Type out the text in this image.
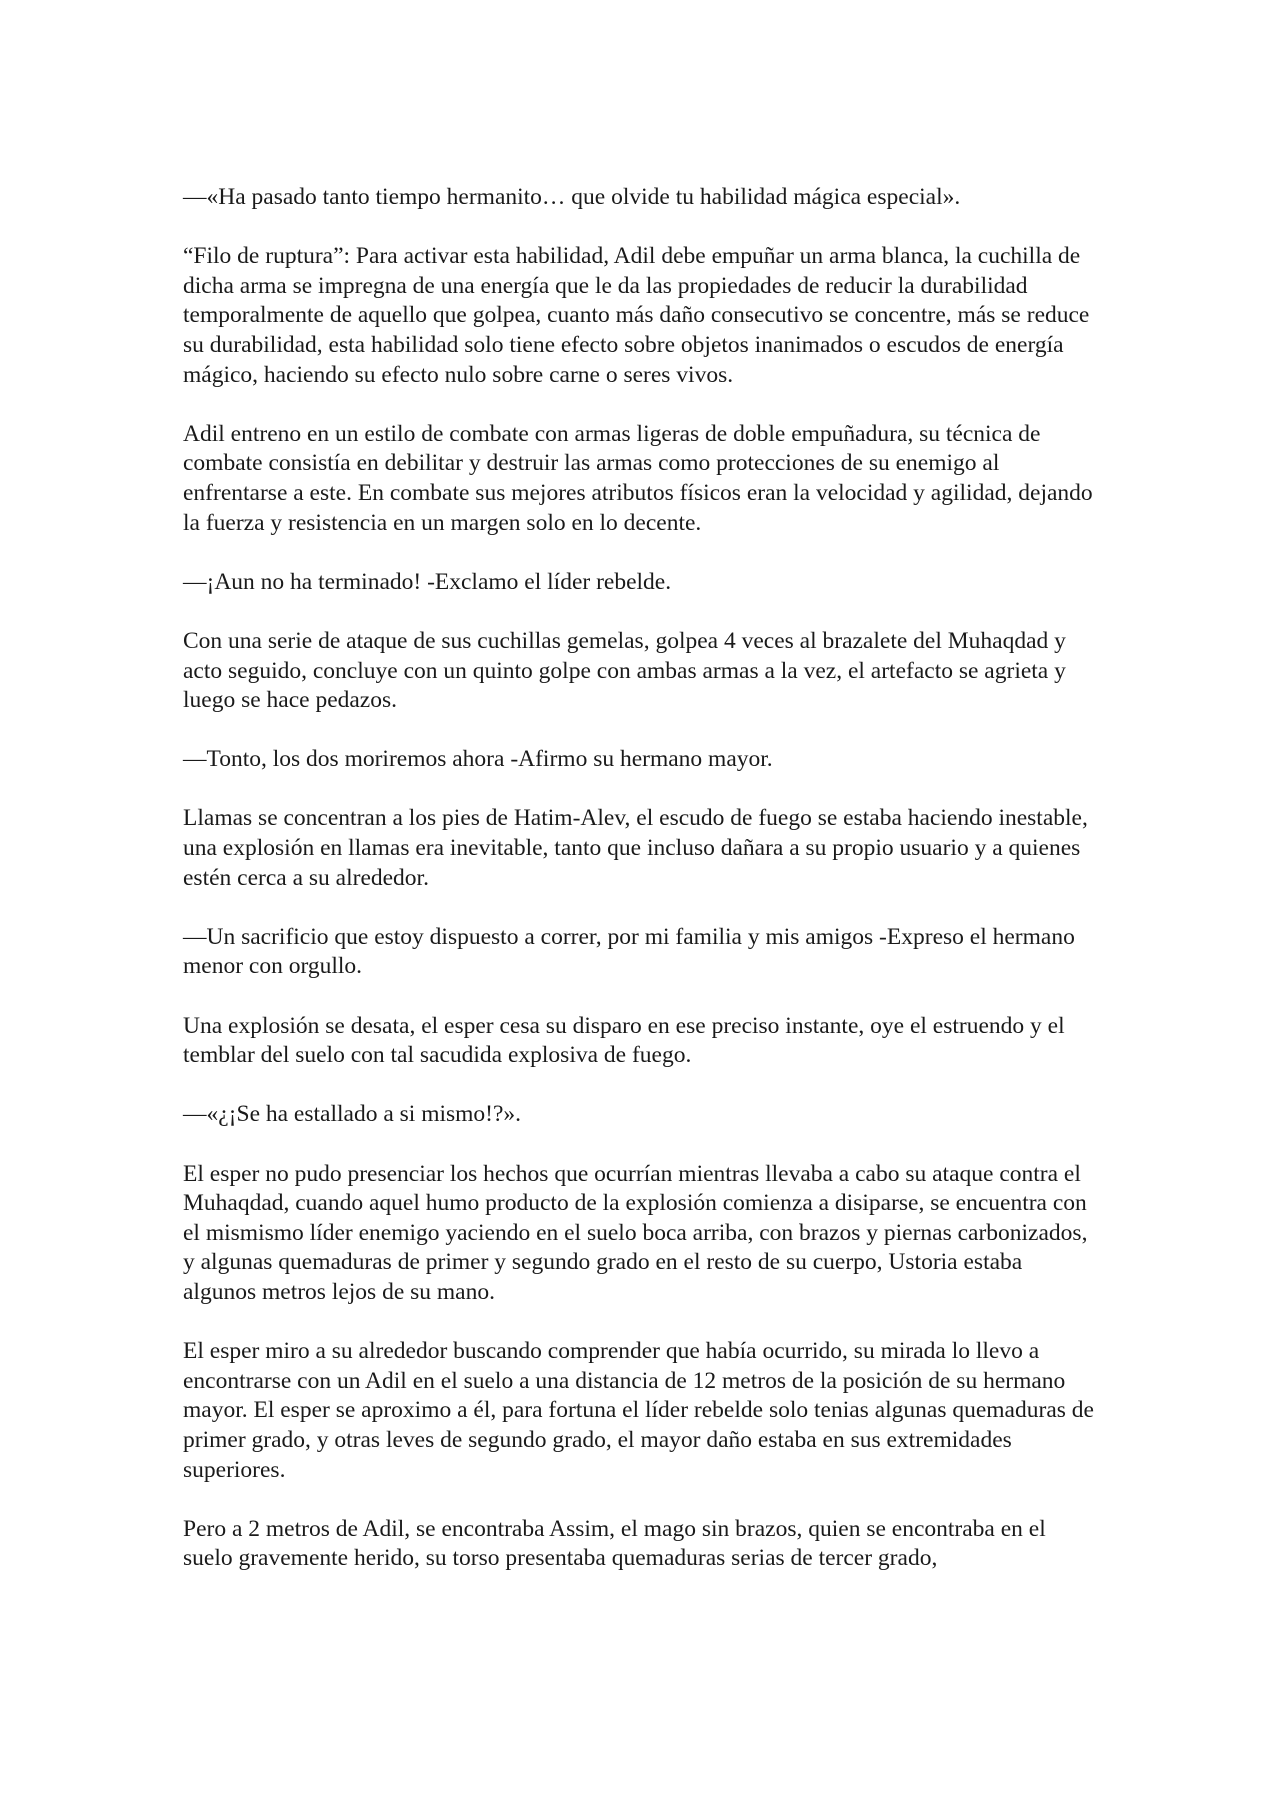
—«Ha pasado tanto tiempo hermanito… que olvide tu habilidad mágica especial».

“Filo de ruptura”: Para activar esta habilidad, Adil debe empuñar un arma blanca, la cuchilla de dicha arma se impregna de una energía que le da las propiedades de reducir la durabilidad temporalmente de aquello que golpea, cuanto más daño consecutivo se concentre, más se reduce su durabilidad, esta habilidad solo tiene efecto sobre objetos inanimados o escudos de energía mágico, haciendo su efecto nulo sobre carne o seres vivos.

Adil entreno en un estilo de combate con armas ligeras de doble empuñadura, su técnica de combate consistía en debilitar y destruir las armas como protecciones de su enemigo al enfrentarse a este. En combate sus mejores atributos físicos eran la velocidad y agilidad, dejando la fuerza y resistencia en un margen solo en lo decente.

—¡Aun no ha terminado! -Exclamo el líder rebelde.

Con una serie de ataque de sus cuchillas gemelas, golpea 4 veces al brazalete del Muhaqdad y acto seguido, concluye con un quinto golpe con ambas armas a la vez, el artefacto se agrieta y luego se hace pedazos.

—Tonto, los dos moriremos ahora -Afirmo su hermano mayor.

Llamas se concentran a los pies de Hatim-Alev, el escudo de fuego se estaba haciendo inestable, una explosión en llamas era inevitable, tanto que incluso dañara a su propio usuario y a quienes estén cerca a su alrededor.

—Un sacrificio que estoy dispuesto a correr, por mi familia y mis amigos -Expreso el hermano menor con orgullo.

Una explosión se desata, el esper cesa su disparo en ese preciso instante, oye el estruendo y el temblar del suelo con tal sacudida explosiva de fuego.

—«¿¡Se ha estallado a si mismo!?».

El esper no pudo presenciar los hechos que ocurrían mientras llevaba a cabo su ataque contra el Muhaqdad, cuando aquel humo producto de la explosión comienza a disiparse, se encuentra con el mismismo líder enemigo yaciendo en el suelo boca arriba, con brazos y piernas carbonizados, y algunas quemaduras de primer y segundo grado en el resto de su cuerpo, Ustoria estaba algunos metros lejos de su mano.

El esper miro a su alrededor buscando comprender que había ocurrido, su mirada lo llevo a encontrarse con un Adil en el suelo a una distancia de 12 metros de la posición de su hermano mayor. El esper se aproximo a él, para fortuna el líder rebelde solo tenias algunas quemaduras de primer grado, y otras leves de segundo grado, el mayor daño estaba en sus extremidades superiores.

Pero a 2 metros de Adil, se encontraba Assim, el mago sin brazos, quien se encontraba en el suelo gravemente herido, su torso presentaba quemaduras serias de tercer grado,
